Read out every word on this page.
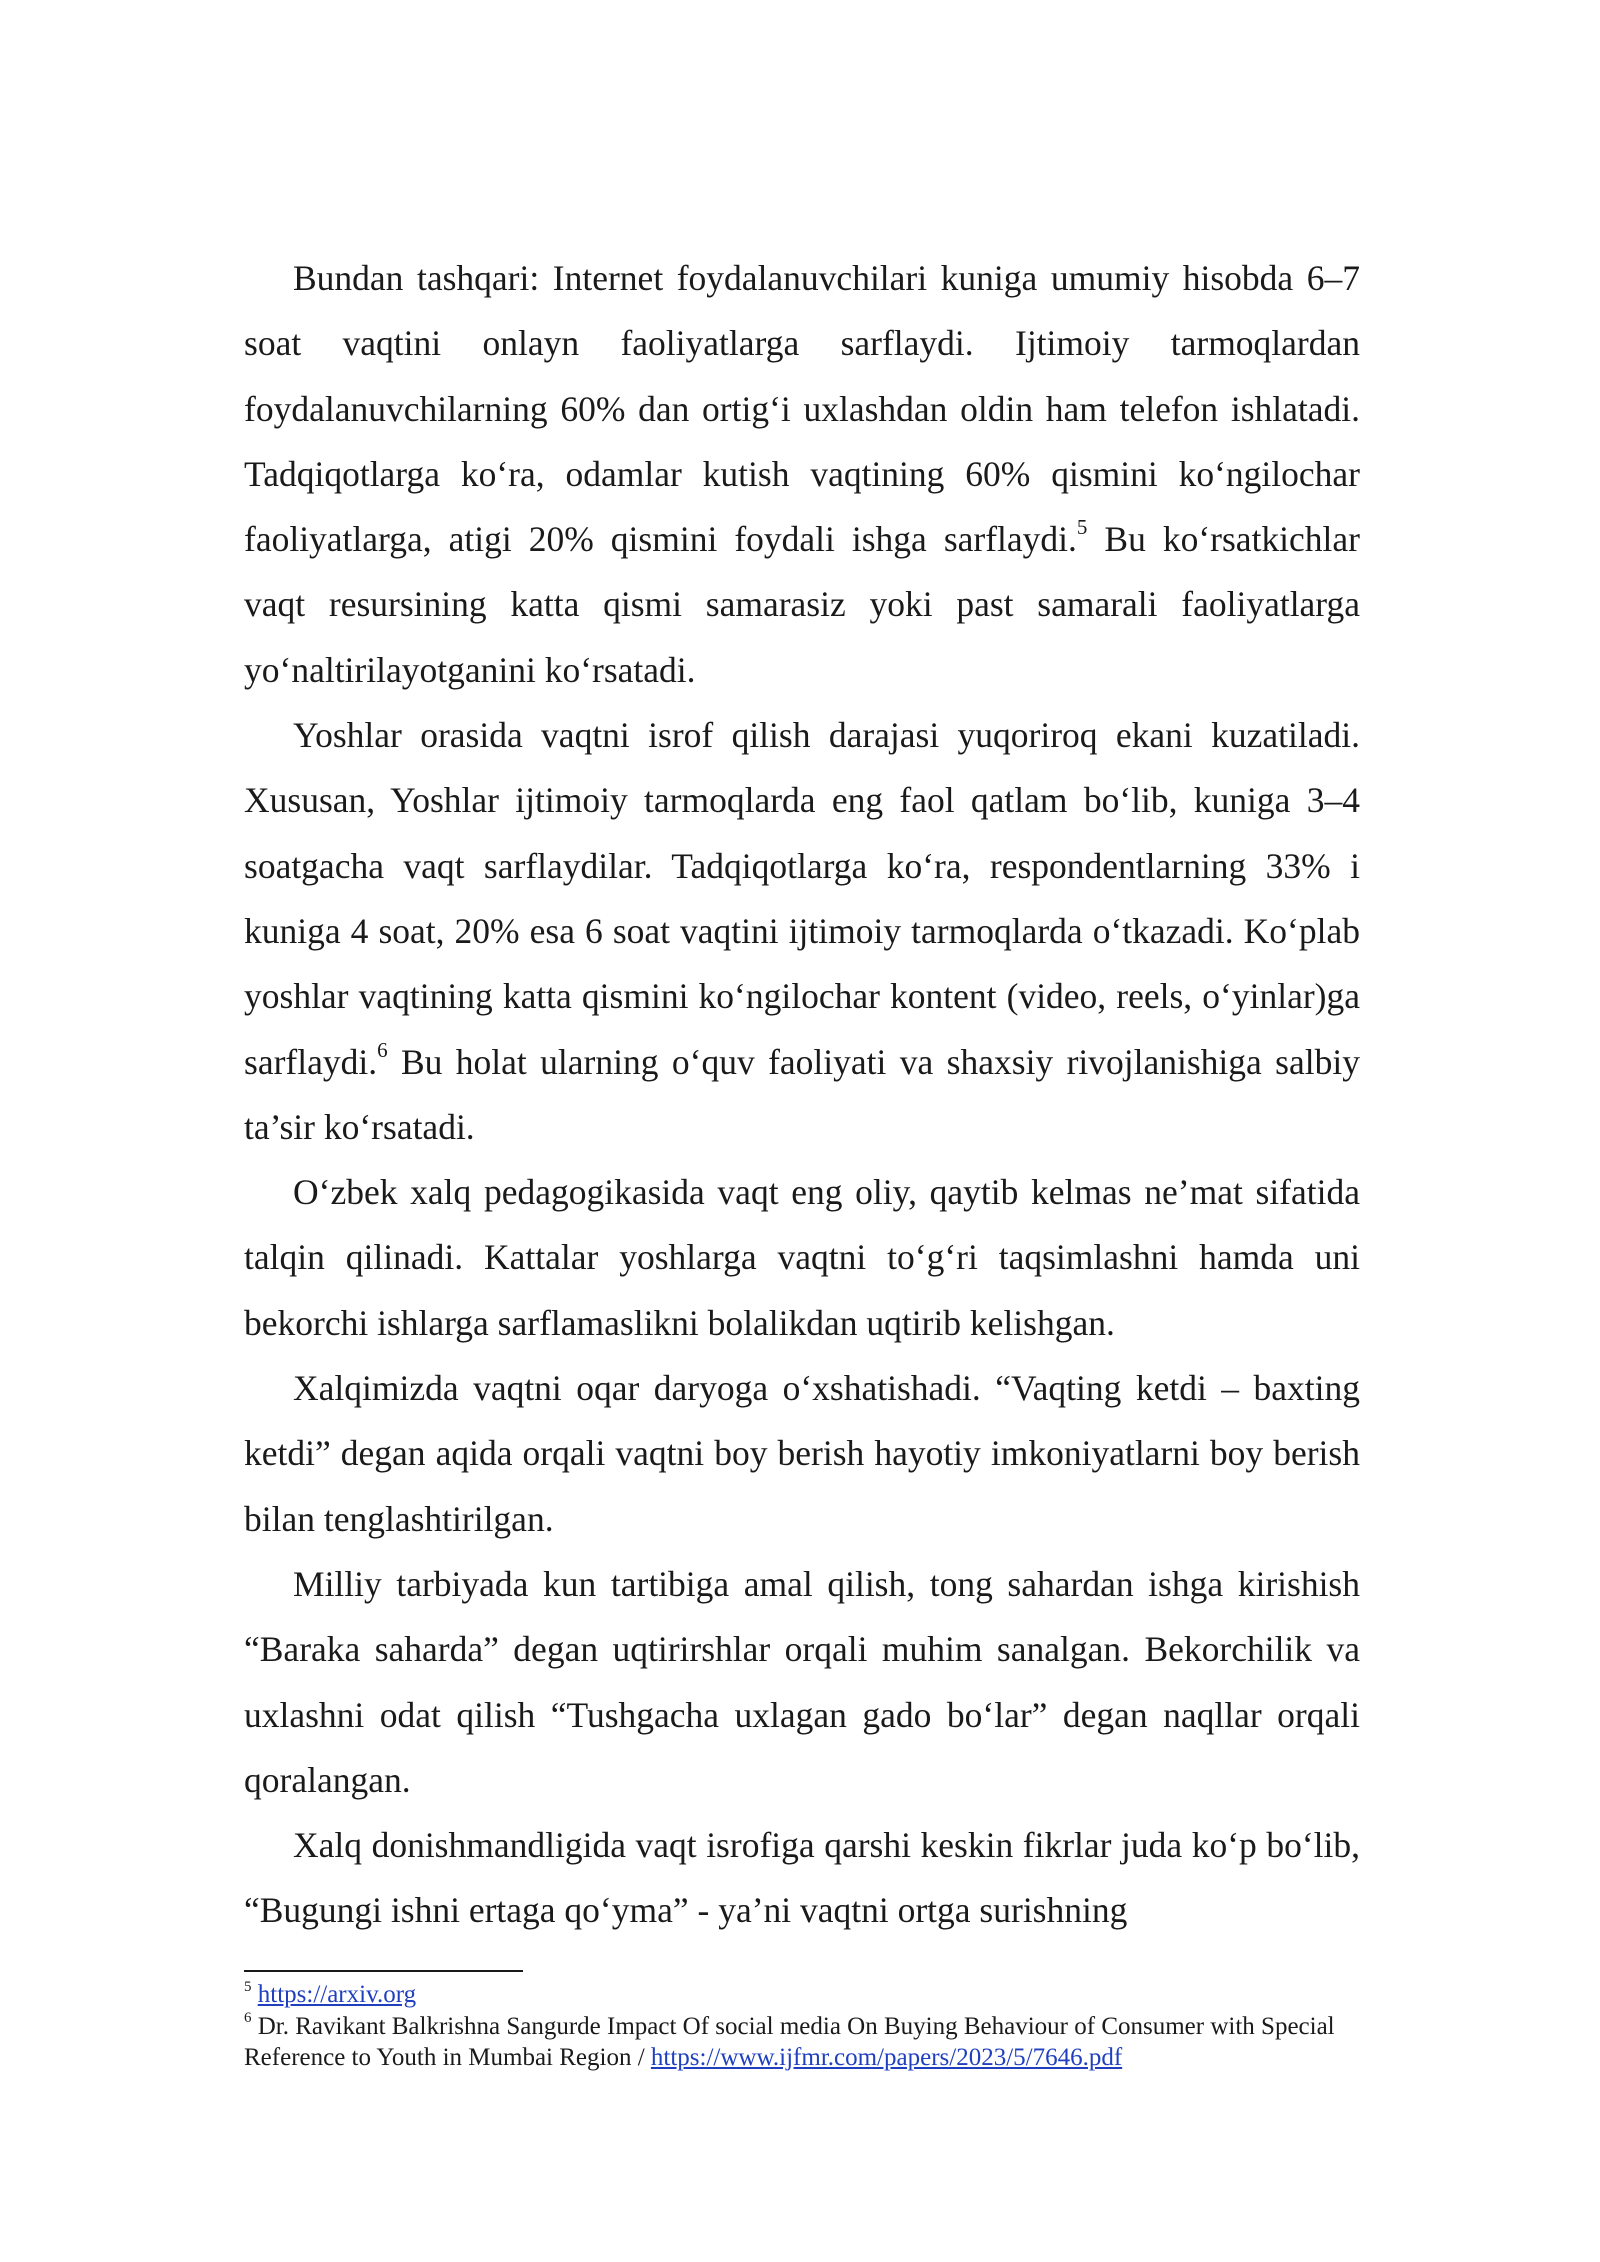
Bundan tashqari: Internet foydalanuvchilari kuniga umumiy hisobda 6–7 soat vaqtini onlayn faoliyatlarga sarflaydi. Ijtimoiy tarmoqlardan foydalanuvchilarning 60% dan ortig‘i uxlashdan oldin ham telefon ishlatadi. Tadqiqotlarga ko‘ra, odamlar kutish vaqtining 60% qismini ko‘ngilochar faoliyatlarga, atigi 20% qismini foydali ishga sarflaydi.$^5$ Bu ko‘rsatkichlar vaqt resursining katta qismi samarasiz yoki past samarali faoliyatlarga yo‘naltirilayotganini ko‘rsatadi.

Yoshlar orasida vaqtni isrof qilish darajasi yuqoriroq ekani kuzatiladi. Xususan, Yoshlar ijtimoiy tarmoqlarda eng faol qatlam bo‘lib, kuniga 3–4 soatgacha vaqt sarflaydilar. Tadqiqotlarga ko‘ra, respondentlarning 33% i kuniga 4 soat, 20% esa 6 soat vaqtini ijtimoiy tarmoqlarda o‘tkazadi. Ko‘plab yoshlar vaqtining katta qismini ko‘ngilochar kontent (video, reels, o‘yinlar)ga sarflaydi.$^6$ Bu holat ularning o‘quv faoliyati va shaxsiy rivojlanishiga salbiy ta’sir ko‘rsatadi.

O‘zbek xalq pedagogikasida vaqt eng oliy, qaytib kelmas ne’mat sifatida talqin qilinadi. Kattalar yoshlarga vaqtni to‘g‘ri taqsimlashni hamda uni bekorchi ishlarga sarflamaslikni bolalikdan uqtirib kelishgan.

Xalqimizda vaqtni oqar daryoga o‘xshatishadi. “Vaqting ketdi – baxting ketdi” degan aqida orqali vaqtni boy berish hayotiy imkoniyatlarni boy berish bilan tenglashtirilgan.

Milliy tarbiyada kun tartibiga amal qilish, tong sahardan ishga kirishish “Baraka saharda” degan uqtirirshlar orqali muhim sanalgan. Bekorchilik va uxlashni odat qilish “Tushgacha uxlagan gado bo‘lar” degan naqllar orqali qoralangan.

Xalq donishmandligida vaqt isrofiga qarshi keskin fikrlar juda ko‘p bo‘lib, “Bugungi ishni ertaga qo‘yma” - ya’ni vaqtni ortga surishning

$^5$ https://arxiv.org

$^6$ Dr. Ravikant Balkrishna Sangurde Impact Of social media On Buying Behaviour of Consumer with Special Reference to Youth in Mumbai Region / https://www.ijfmr.com/papers/2023/5/7646.pdf
